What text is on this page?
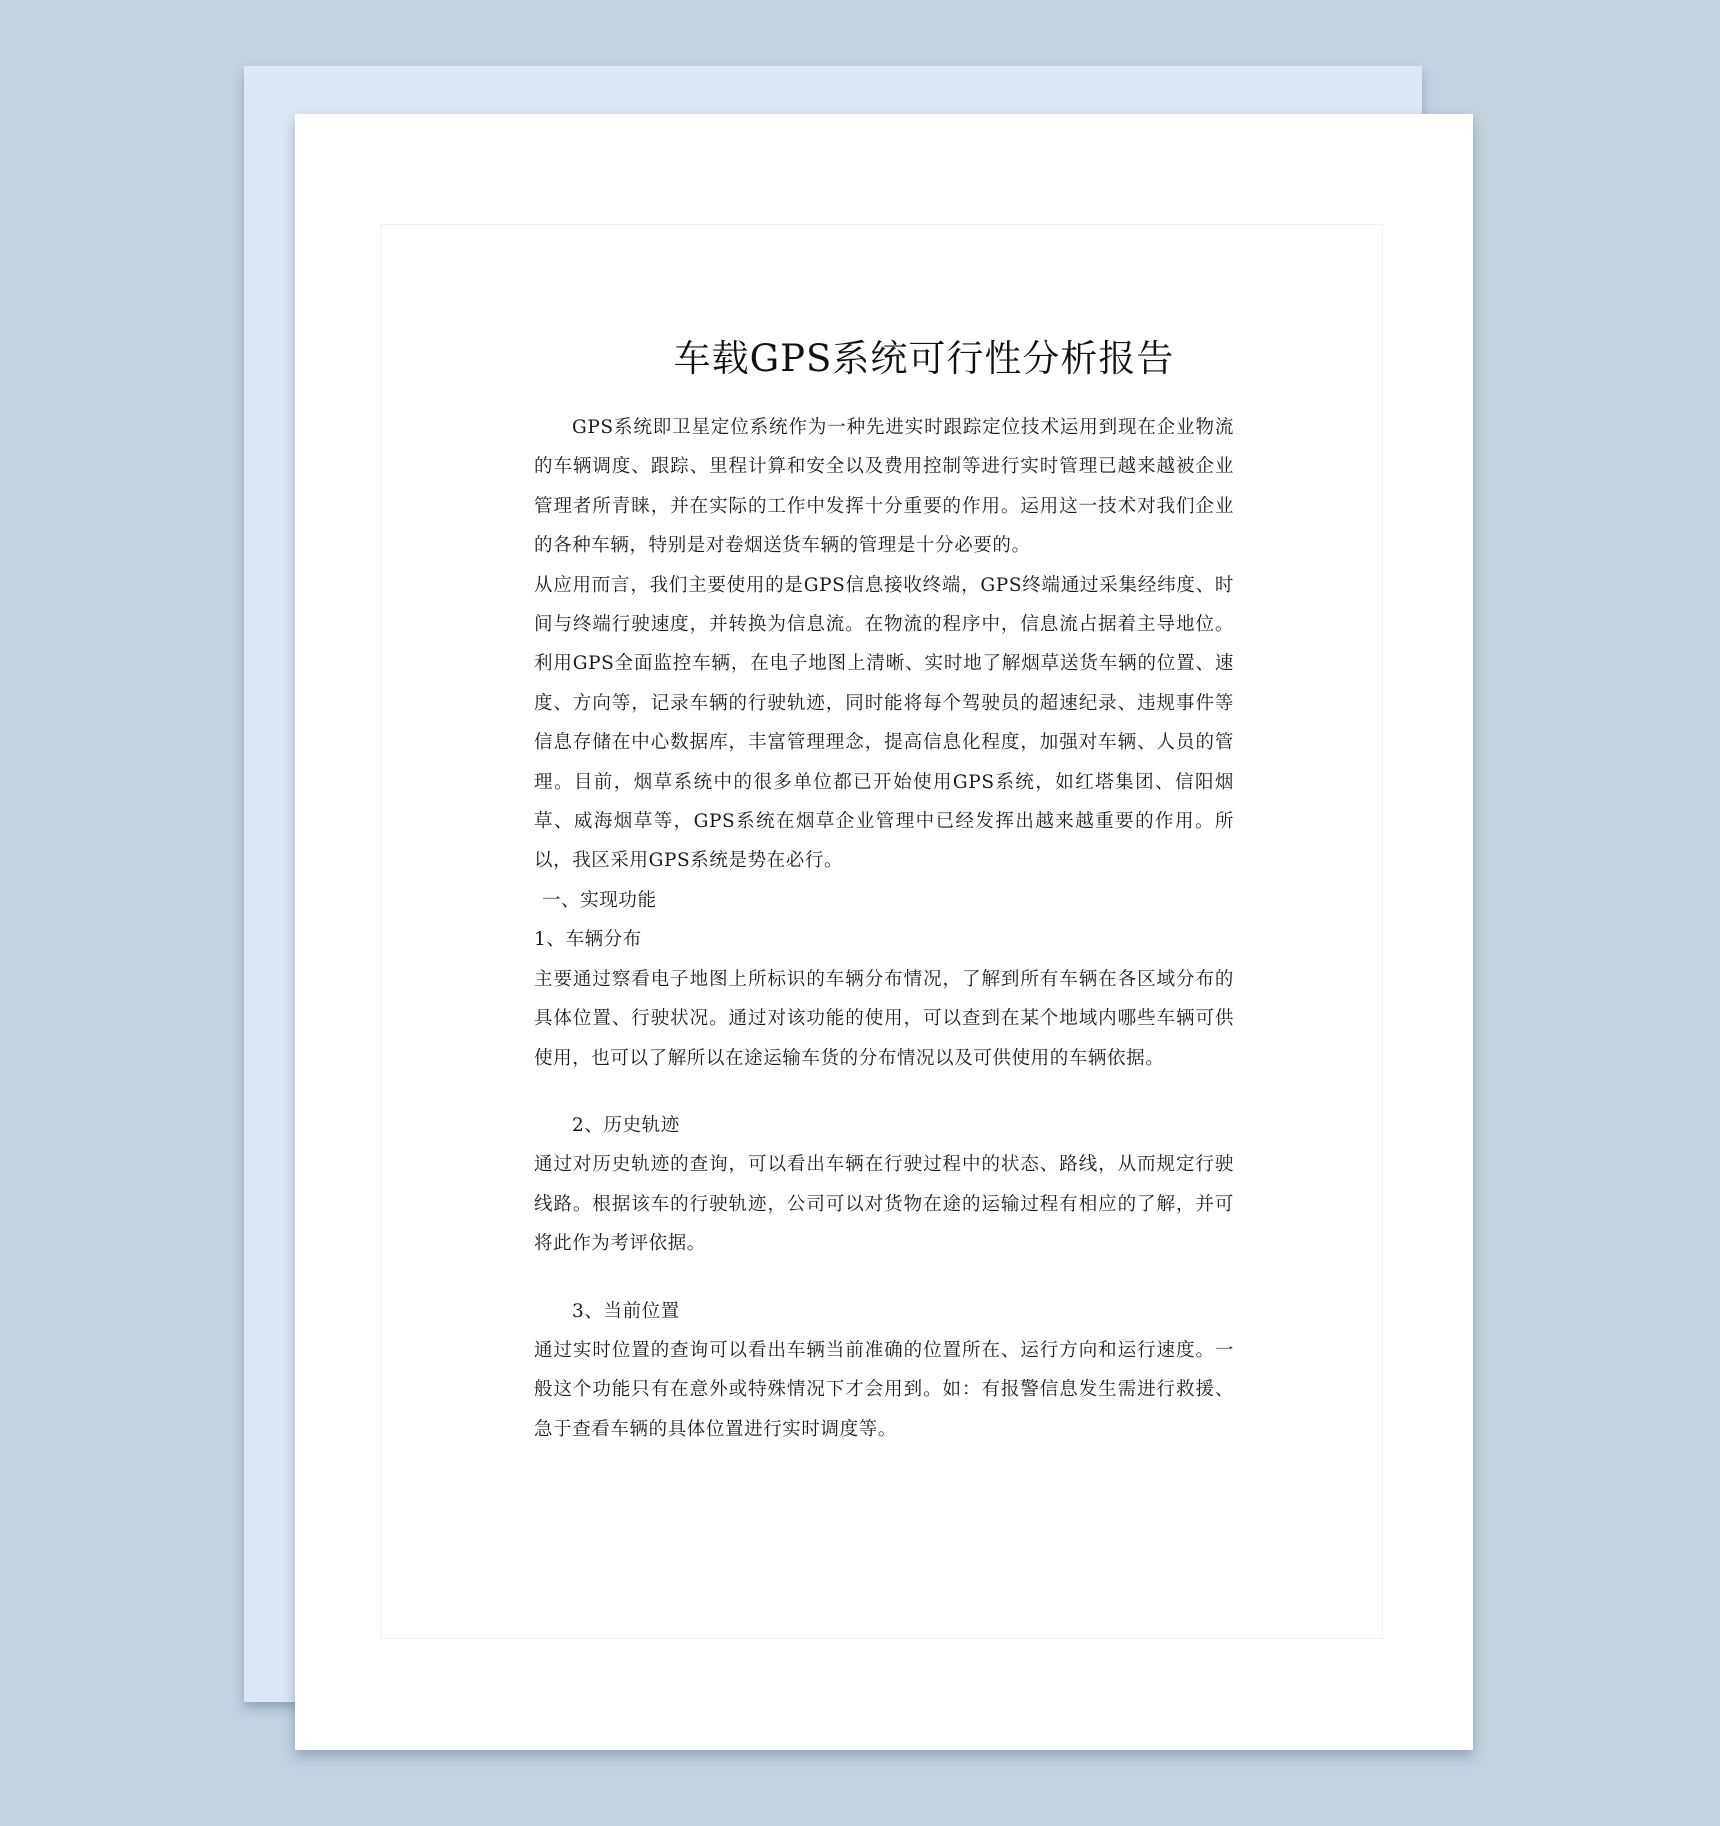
车载GPS系统可行性分析报告

GPS系统即卫星定位系统作为一种先进实时跟踪定位技术运用到现在企业物流的车辆调度、跟踪、里程计算和安全以及费用控制等进行实时管理已越来越被企业管理者所青睐，并在实际的工作中发挥十分重要的作用。运用这一技术对我们企业的各种车辆，特别是对卷烟送货车辆的管理是十分必要的。

从应用而言，我们主要使用的是GPS信息接收终端，GPS终端通过采集经纬度、时间与终端行驶速度，并转换为信息流。在物流的程序中，信息流占据着主导地位。利用GPS全面监控车辆，在电子地图上清晰、实时地了解烟草送货车辆的位置、速度、方向等，记录车辆的行驶轨迹，同时能将每个驾驶员的超速纪录、违规事件等信息存储在中心数据库，丰富管理理念，提高信息化程度，加强对车辆、人员的管理。目前，烟草系统中的很多单位都已开始使用GPS系统，如红塔集团、信阳烟草、威海烟草等，GPS系统在烟草企业管理中已经发挥出越来越重要的作用。所以，我区采用GPS系统是势在必行。

一、实现功能

1、车辆分布

主要通过察看电子地图上所标识的车辆分布情况，了解到所有车辆在各区域分布的具体位置、行驶状况。通过对该功能的使用，可以查到在某个地域内哪些车辆可供使用，也可以了解所以在途运输车货的分布情况以及可供使用的车辆依据。

2、历史轨迹

通过对历史轨迹的查询，可以看出车辆在行驶过程中的状态、路线，从而规定行驶线路。根据该车的行驶轨迹，公司可以对货物在途的运输过程有相应的了解，并可将此作为考评依据。

3、当前位置

通过实时位置的查询可以看出车辆当前准确的位置所在、运行方向和运行速度。一般这个功能只有在意外或特殊情况下才会用到。如：有报警信息发生需进行救援、急于查看车辆的具体位置进行实时调度等。
